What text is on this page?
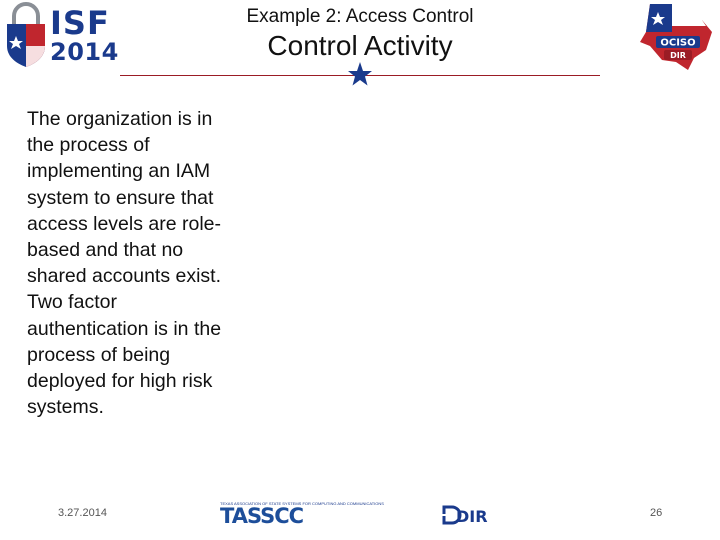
ISF
2014	OCISO
DIR
Example 2: Access Control
Control Activity
The organization is in
the process of
implementing an IAM
system to ensure that
access levels are role-
based and that no
shared accounts exist.
Two factor
authentication is in the
process of being
deployed for high risk
systems.
3.27.2014
TEXAS ASSOCIATION OF STATE SYSTEMS FOR COMPUTING AND COMMUNICATIONS
TASSCC	DIR	26
